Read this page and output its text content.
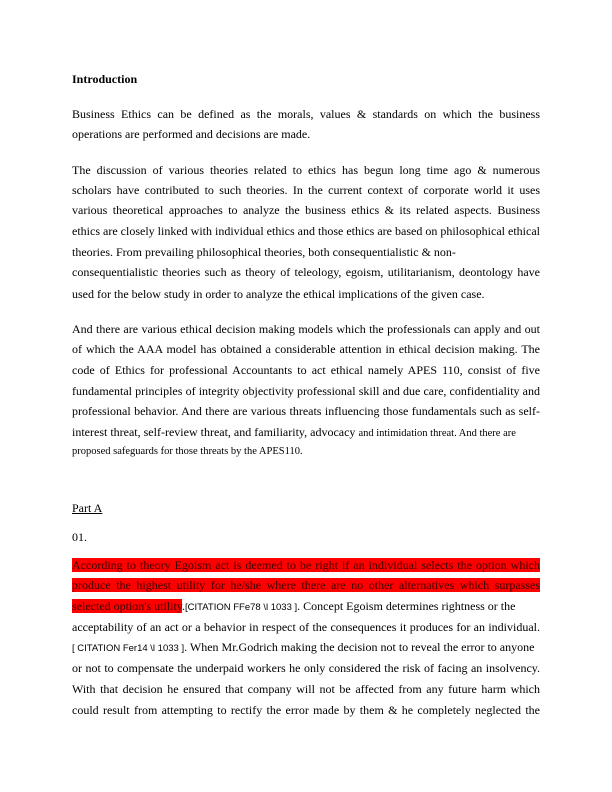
Introduction
Business Ethics can be defined as the morals, values & standards on which the business
operations are performed and decisions are made.
The discussion of various theories related to ethics has begun long time ago & numerous
scholars have contributed to such theories. In the current context of corporate world it uses
various theoretical approaches to analyze the business ethics & its related aspects. Business
ethics are closely linked with individual ethics and those ethics are based on philosophical ethical
theories. From prevailing philosophical theories, both consequentialistic & non-
consequentialistic theories such as theory of teleology, egoism, utilitarianism, deontology have
used for the below study in order to analyze the ethical implications of the given case.
And there are various ethical decision making models which the professionals can apply and out
of which the AAA model has obtained a considerable attention in ethical decision making. The
code of Ethics for professional Accountants to act ethical namely APES 110, consist of five
fundamental principles of integrity objectivity professional skill and due care, confidentiality and
professional behavior. And there are various threats influencing those fundamentals such as self-
interest threat, self-review threat, and familiarity, advocacy and intimidation threat. And there are
proposed safeguards for those threats by the APES110.
Part A
01.
According to theory Egoism act is deemed to be right if an individual selects the option which
produce the highest utility for he/she where there are no other alternatives which surpasses
selected option's utility.[CITATION FFe78 \l 1033 ]. Concept Egoism determines rightness or the
acceptability of an act or a behavior in respect of the consequences it produces for an individual.
[ CITATION Fer14 \l 1033 ]. When Mr.Godrich making the decision not to reveal the error to anyone
or not to compensate the underpaid workers he only considered the risk of facing an insolvency.
With that decision he ensured that company will not be affected from any future harm which
could result from attempting to rectify the error made by them & he completely neglected the
